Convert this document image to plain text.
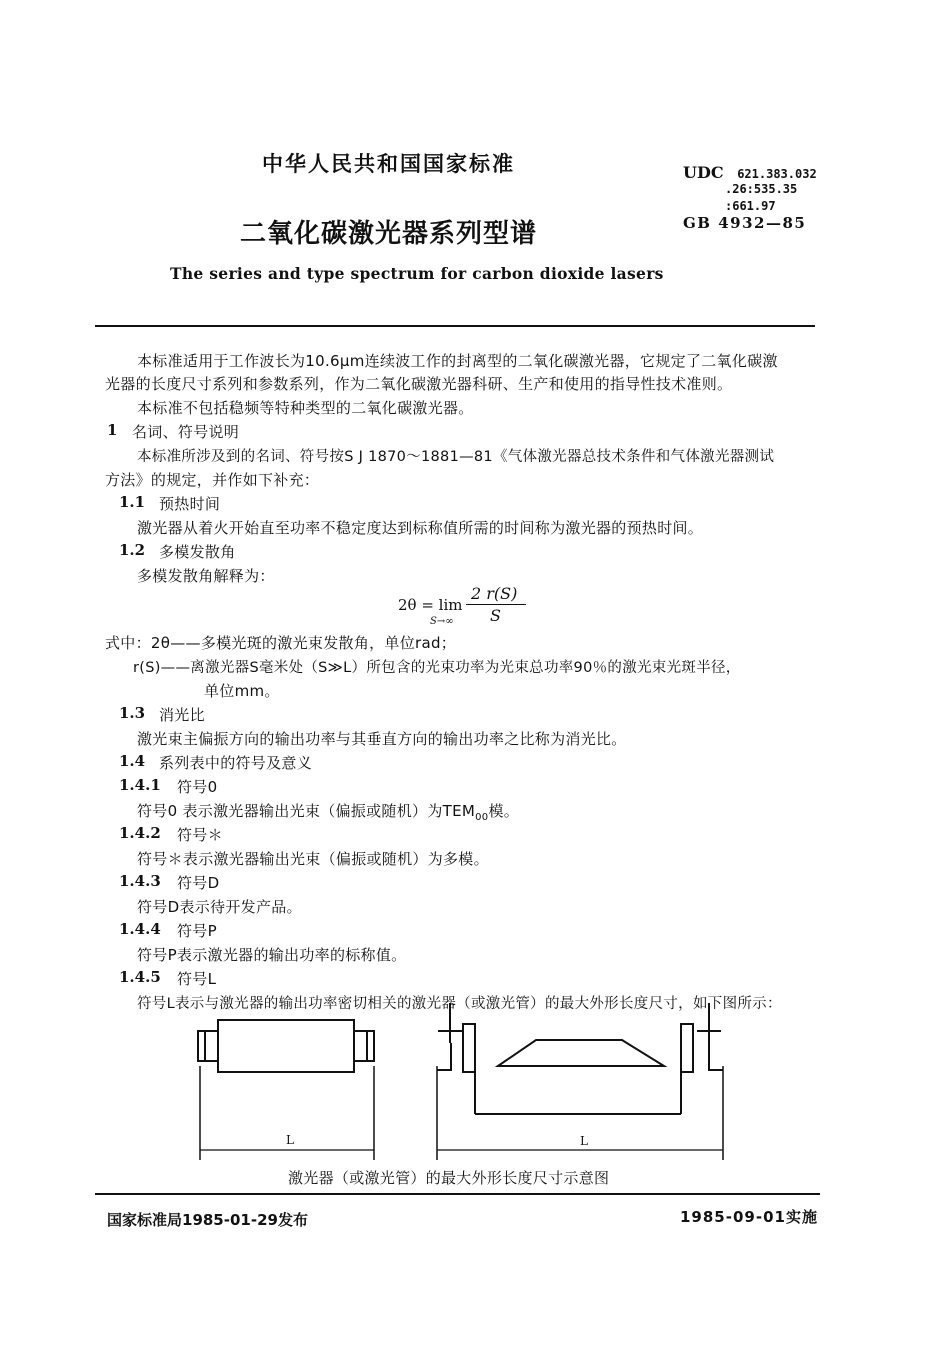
中华人民共和国国家标准	UDC 621.383.032
.26:535.35
:661.97
GB 4932—85
二氧化碳激光器系列型谱
The series and type spectrum for carbon dioxide lasers
本标准适用于工作波长为10.6μm连续波工作的封离型的二氧化碳激光器，它规定了二氧化碳激
光器的长度尺寸系列和参数系列，作为二氧化碳激光器科研、生产和使用的指导性技术准则。
本标准不包括稳频等特种类型的二氧化碳激光器。
1 名词、符号说明
本标准所涉及到的名词、符号按S J 1870～1881—81《气体激光器总技术条件和气体激光器测试
方法》的规定，并作如下补充：
1.1 预热时间
激光器从着火开始直至功率不稳定度达到标称值所需的时间称为激光器的预热时间。
1.2 多模发散角
多模发散角解释为：
2θ = lim
S→∞
2 r(S)
S
式中：2θ——多模光斑的激光束发散角，单位rad；
r(S)——离激光器S毫米处（S≫L）所包含的光束功率为光束总功率90％的激光束光斑半径，
单位mm。
1.3 消光比
激光束主偏振方向的输出功率与其垂直方向的输出功率之比称为消光比。
1.4 系列表中的符号及意义
1.4.1 符号0
符号0 表示激光器输出光束（偏振或随机）为$TEM_{00}$模。
1.4.2 符号＊
符号＊表示激光器输出光束（偏振或随机）为多模。
1.4.3 符号D
符号D表示待开发产品。
1.4.4 符号P
符号P表示激光器的输出功率的标称值。
1.4.5 符号L
符号L表示与激光器的输出功率密切相关的激光器（或激光管）的最大外形长度尺寸，如下图所示：
L	L
激光器（或激光管）的最大外形长度尺寸示意图
国家标准局1985-01-29发布	1985-09-01实施
